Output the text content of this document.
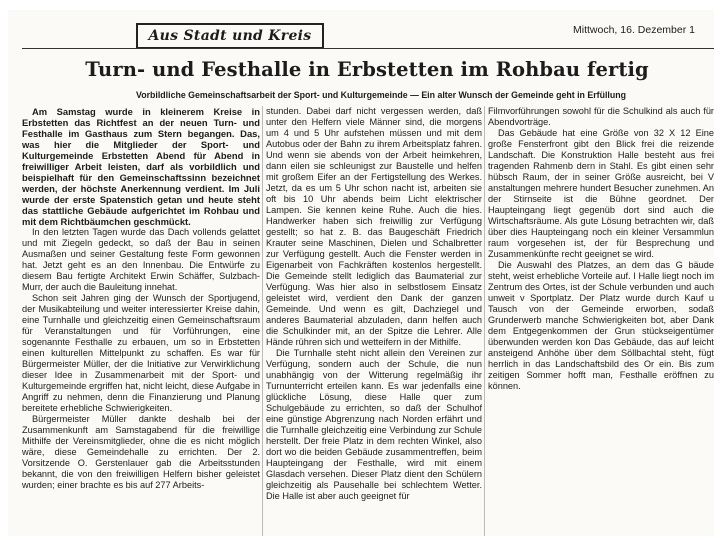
Aus Stadt und Kreis	Mittwoch, 16. Dezember 1
Turn- und Festhalle in Erbstetten im Rohbau fertig
Vorbildliche Gemeinschaftsarbeit der Sport- und Kulturgemeinde — Ein alter Wunsch der Gemeinde geht in Erfüllung

Am Samstag wurde in kleinerem Kreise in Erbstetten das Richtfest an der neuen Turn- und Festhalle im Gasthaus zum Stern begangen. Das, was hier die Mitglieder der Sport- und Kulturgemeinde Erbstetten Abend für Abend in freiwilliger Arbeit leisten, darf als vorbildlich und beispielhaft für den Gemeinschaftssinn bezeichnet werden, der höchste Anerkennung verdient. Im Juli wurde der erste Spatenstich getan und heute steht das stattliche Gebäude aufgerichtet im Rohbau und mit dem Richtbäumchen geschmückt.

In den letzten Tagen wurde das Dach vollends gelattet und mit Ziegeln gedeckt, so daß der Bau in seinen Ausmaßen und seiner Gestaltung feste Form gewonnen hat. Jetzt geht es an den Innenbau. Die Entwürfe zu diesem Bau fertigte Architekt Erwin Schäffer, Sulzbach-Murr, der auch die Bauleitung innehat.

Schon seit Jahren ging der Wunsch der Sportjugend, der Musikabteilung und weiter interessierter Kreise dahin, eine Turnhalle und gleichzeitig einen Gemeinschaftsraum für Veranstaltungen und für Vorführungen, eine sogenannte Festhalle zu erbauen, um so in Erbstetten einen kulturellen Mittelpunkt zu schaffen. Es war für Bürgermeister Müller, der die Initiative zur Verwirklichung dieser Idee in Zusammenarbeit mit der Sport- und Kulturgemeinde ergriffen hat, nicht leicht, diese Aufgabe in Angriff zu nehmen, denn die Finanzierung und Planung bereitete erhebliche Schwierigkeiten.

Bürgermeister Müller dankte deshalb bei der Zusammenkunft am Samstagabend für die freiwillige Mithilfe der Vereinsmitglieder, ohne die es nicht möglich wäre, diese Gemeindehalle zu errichten. Der 2. Vorsitzende O. Gerstenlauer gab die Arbeitsstunden bekannt, die von den freiwilligen Helfern bisher geleistet wurden; einer brachte es bis auf 277 Arbeits-

stunden. Dabei darf nicht vergessen werden, daß unter den Helfern viele Männer sind, die morgens um 4 und 5 Uhr aufstehen müssen und mit dem Autobus oder der Bahn zu ihrem Arbeitsplatz fahren. Und wenn sie abends von der Arbeit heimkehren, dann eilen sie schleunigst zur Baustelle und helfen mit großem Eifer an der Fertigstellung des Werkes. Jetzt, da es um 5 Uhr schon nacht ist, arbeiten sie oft bis 10 Uhr abends beim Licht elektrischer Lampen. Sie kennen keine Ruhe. Auch die hies. Handwerker haben sich freiwillig zur Verfügung gestellt; so hat z. B. das Baugeschäft Friedrich Krauter seine Maschinen, Dielen und Schalbretter zur Verfügung gestellt. Auch die Fenster werden in Eigenarbeit von Fachkräften kostenlos hergestellt. Die Gemeinde stellt lediglich das Baumaterial zur Verfügung. Was hier also in selbstlosem Einsatz geleistet wird, verdient den Dank der ganzen Gemeinde. Und wenn es gilt, Dachziegel und anderes Baumaterial abzuladen, dann helfen auch die Schulkinder mit, an der Spitze die Lehrer. Alle Hände rühren sich und wetteifern in der Mithilfe.

Die Turnhalle steht nicht allein den Vereinen zur Verfügung, sondern auch der Schule, die nun unabhängig von der Witterung regelmäßig ihr Turnunterricht erteilen kann. Es war jedenfalls eine glückliche Lösung, diese Halle quer zum Schulgebäude zu errichten, so daß der Schulhof eine günstige Abgrenzung nach Norden erfährt und die Turnhalle gleichzeitig eine Verbindung zur Schule herstellt. Der freie Platz in dem rechten Winkel, also dort wo die beiden Gebäude zusammentreffen, beim Haupteingang der Festhalle, wird mit einem Glasdach versehen. Dieser Platz dient den Schülern gleichzeitig als Pausehalle bei schlechtem Wetter. Die Halle ist aber auch geeignet für

Filmvorführungen sowohl für die Schulkind als auch für Abendvorträge.

Das Gebäude hat eine Größe von 32 X 12 Eine große Fensterfront gibt den Blick frei die reizende Landschaft. Die Konstruktion Halle besteht aus frei tragenden Rahmenb dern in Stahl. Es gibt einen sehr hübsch Raum, der in seiner Größe ausreicht, bei V anstaltungen mehrere hundert Besucher zunehmen. An der Stirnseite ist die Bühne geordnet. Der Haupteingang liegt gegenüb dort sind auch die Wirtschaftsräume. Als gute Lösung betrachten wir, daß über dies Haupteingang noch ein kleiner Versammlun raum vorgesehen ist, der für Besprechung und Zusammenkünfte recht geeignet se wird.

Die Auswahl des Platzes, an dem das G bäude steht, weist erhebliche Vorteile auf. I Halle liegt noch im Zentrum des Ortes, ist der Schule verbunden und auch unweit v Sportplatz. Der Platz wurde durch Kauf u Tausch von der Gemeinde erworben, sodaß Grunderwerb manche Schwierigkeiten bot, aber Dank dem Entgegenkommen der Grun stückseigentümer überwunden werden kon Das Gebäude, das auf leicht ansteigend Anhöhe über dem Söllbachtal steht, fügt herrlich in das Landschaftsbild des Or ein. Bis zum zeitigen Sommer hofft man, Festhalle eröffnen zu können.
